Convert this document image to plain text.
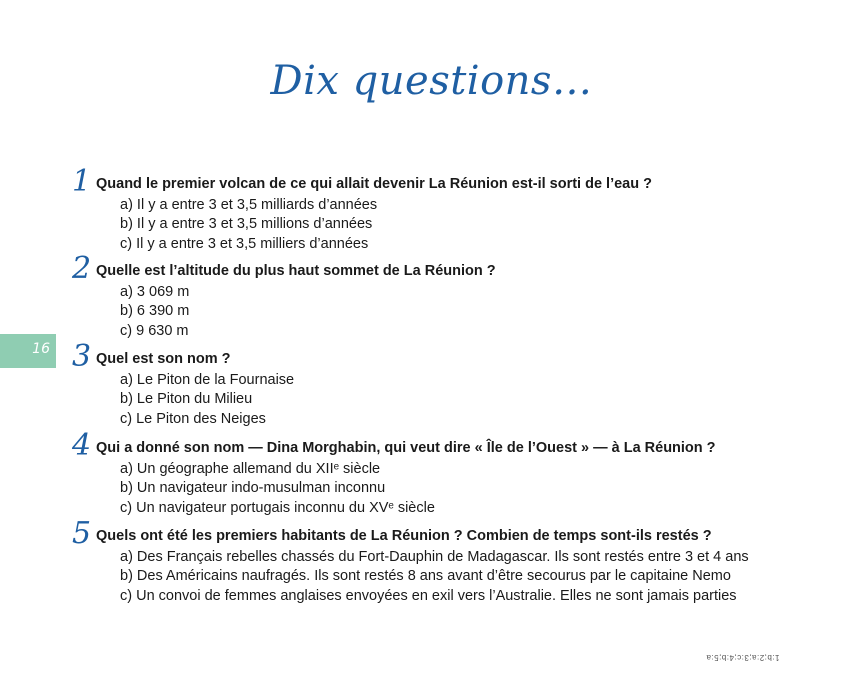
Dix questions…
16
1 Quand le premier volcan de ce qui allait devenir La Réunion est-il sorti de l’eau ?
a) Il y a entre 3 et 3,5 milliards d’années
b) Il y a entre 3 et 3,5 millions d’années
c) Il y a entre 3 et 3,5 milliers d’années
2 Quelle est l’altitude du plus haut sommet de La Réunion ?
a) 3 069 m
b) 6 390 m
c) 9 630 m
3 Quel est son nom ?
a) Le Piton de la Fournaise
b) Le Piton du Milieu
c) Le Piton des Neiges
4 Qui a donné son nom — Dina Morghabin, qui veut dire « Île de l’Ouest » — à La Réunion ?
a) Un géographe allemand du XIIᵉ siècle
b) Un navigateur indo-musulman inconnu
c) Un navigateur portugais inconnu du XVᵉ siècle
5 Quels ont été les premiers habitants de La Réunion ? Combien de temps sont-ils restés ?
a) Des Français rebelles chassés du Fort-Dauphin de Madagascar. Ils sont restés entre 3 et 4 ans
b) Des Américains naufragés. Ils sont restés 8 ans avant d’être secourus par le capitaine Nemo
c) Un convoi de femmes anglaises envoyées en exil vers l’Australie. Elles ne sont jamais parties
1:b;2:a;3:c;4:b;5:a
